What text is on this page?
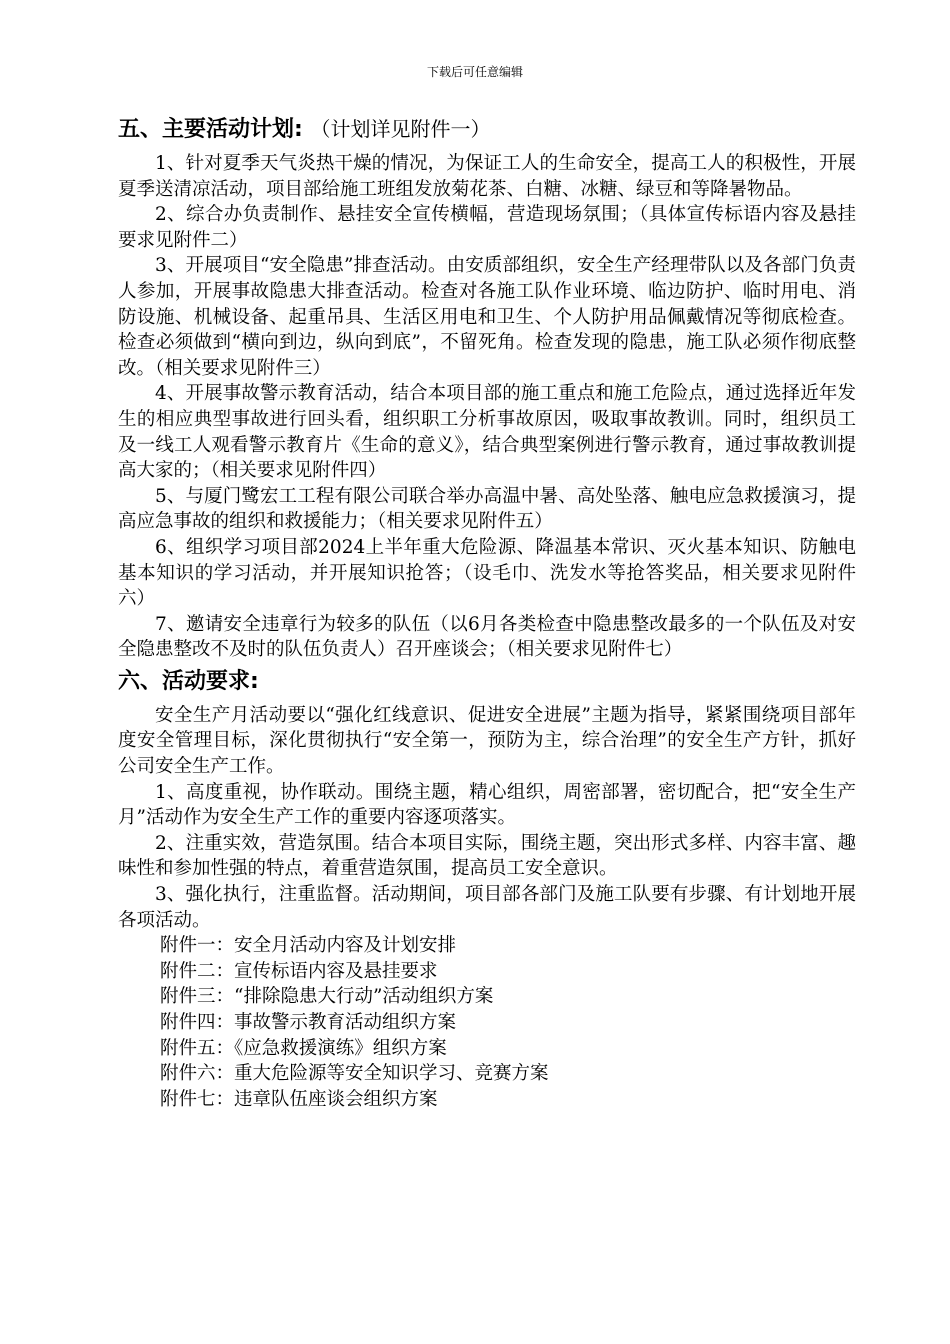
下载后可任意编辑
五、主要活动计划: （计划详见附件一）

1、针对夏季天气炎热干燥的情况，为保证工人的生命安全，提高工人的积极性，开展夏季送清凉活动，项目部给施工班组发放菊花茶、白糖、冰糖、绿豆和等降暑物品。

2、综合办负责制作、悬挂安全宣传横幅，营造现场氛围；（具体宣传标语内容及悬挂要求见附件二）

3、开展项目“安全隐患”排查活动。由安质部组织，安全生产经理带队以及各部门负责人参加，开展事故隐患大排查活动。检查对各施工队作业环境、临边防护、临时用电、消防设施、机械设备、起重吊具、生活区用电和卫生、个人防护用品佩戴情况等彻底检查。检查必须做到“横向到边，纵向到底”，不留死角。检查发现的隐患，施工队必须作彻底整改。（相关要求见附件三）

4、开展事故警示教育活动，结合本项目部的施工重点和施工危险点，通过选择近年发生的相应典型事故进行回头看，组织职工分析事故原因，吸取事故教训。同时，组织员工及一线工人观看警示教育片《生命的意义》，结合典型案例进行警示教育，通过事故教训提高大家的；（相关要求见附件四）

5、与厦门鹭宏工工程有限公司联合举办高温中暑、高处坠落、触电应急救援演习，提高应急事故的组织和救援能力；（相关要求见附件五）

6、组织学习项目部2024上半年重大危险源、降温基本常识、灭火基本知识、防触电基本知识的学习活动，并开展知识抢答；（设毛巾、洗发水等抢答奖品，相关要求见附件六）

7、邀请安全违章行为较多的队伍（以6月各类检查中隐患整改最多的一个队伍及对安全隐患整改不及时的队伍负责人）召开座谈会；（相关要求见附件七）

六、活动要求:

安全生产月活动要以“强化红线意识、促进安全进展”主题为指导，紧紧围绕项目部年度安全管理目标，深化贯彻执行“安全第一，预防为主，综合治理”的安全生产方针，抓好公司安全生产工作。

1、高度重视，协作联动。围绕主题，精心组织，周密部署，密切配合，把“安全生产月”活动作为安全生产工作的重要内容逐项落实。

2、注重实效，营造氛围。结合本项目实际，围绕主题，突出形式多样、内容丰富、趣味性和参加性强的特点，着重营造氛围，提高员工安全意识。

3、强化执行，注重监督。活动期间，项目部各部门及施工队要有步骤、有计划地开展各项活动。

附件一：安全月活动内容及计划安排

附件二：宣传标语内容及悬挂要求

附件三：“排除隐患大行动”活动组织方案

附件四：事故警示教育活动组织方案

附件五：《应急救援演练》组织方案

附件六：重大危险源等安全知识学习、竞赛方案

附件七：违章队伍座谈会组织方案
